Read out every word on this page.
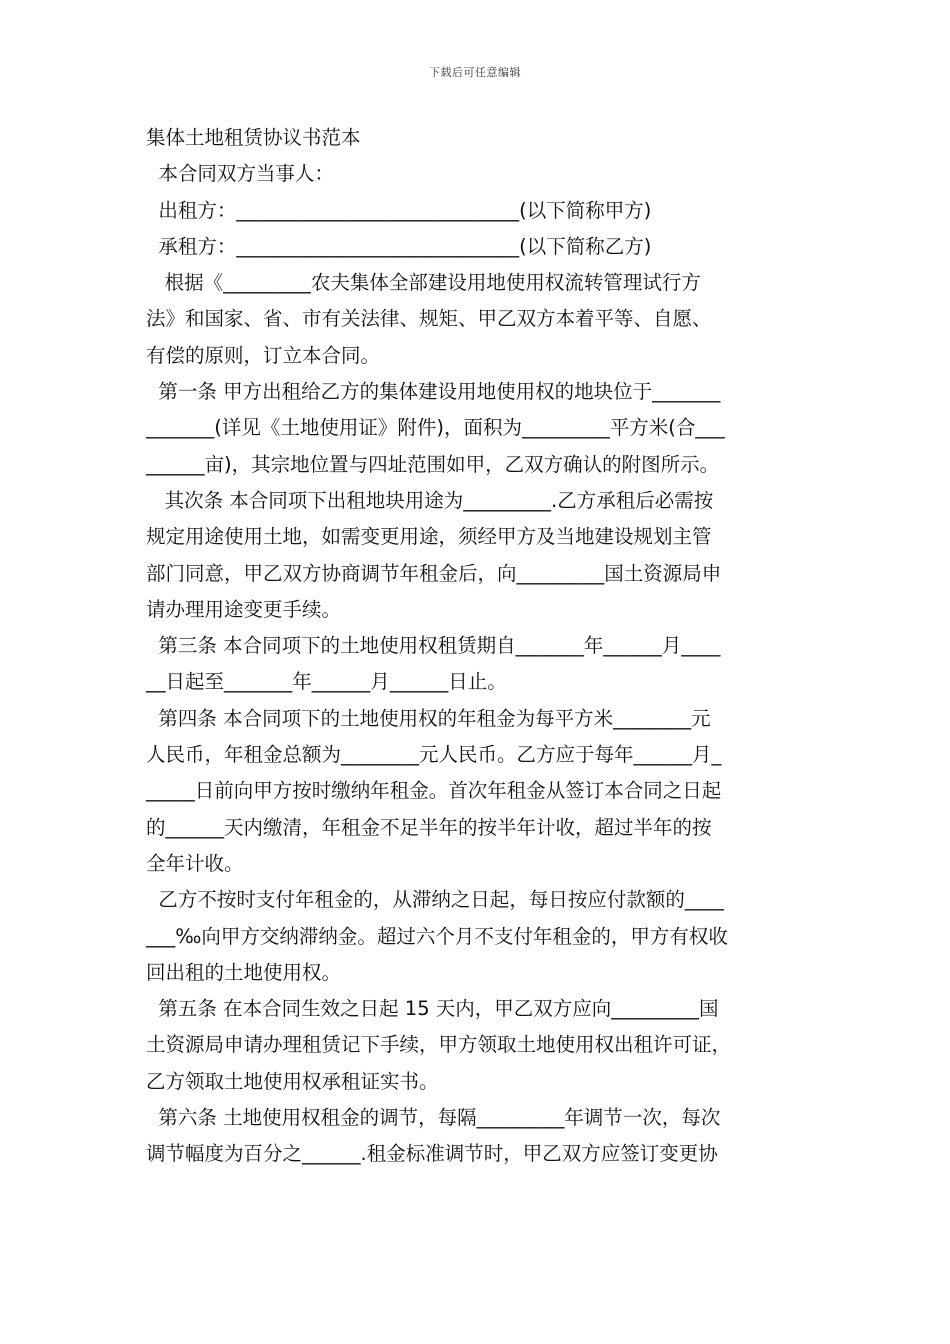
下载后可任意编辑
集体土地租赁协议书范本
本合同双方当事人：
出租方：_____________________________(以下简称甲方)
承租方：_____________________________(以下简称乙方)
根据《_________农夫集体全部建设用地使用权流转管理试行方
法》和国家、省、市有关法律、规矩、甲乙双方本着平等、自愿、
有偿的原则，订立本合同。
第一条 甲方出租给乙方的集体建设用地使用权的地块位于_______
_______(详见《土地使用证》附件)，面积为_________平方米(合___
______亩)，其宗地位置与四址范围如甲，乙双方确认的附图所示。
其次条 本合同项下出租地块用途为_________.乙方承租后必需按
规定用途使用土地，如需变更用途，须经甲方及当地建设规划主管
部门同意，甲乙双方协商调节年租金后，向_________国土资源局申
请办理用途变更手续。
第三条 本合同项下的土地使用权租赁期自_______年______月____
__日起至_______年______月______日止。
第四条 本合同项下的土地使用权的年租金为每平方米________元
人民币，年租金总额为________元人民币。乙方应于每年______月_
_____日前向甲方按时缴纳年租金。首次年租金从签订本合同之日起
的______天内缴清，年租金不足半年的按半年计收，超过半年的按
全年计收。
乙方不按时支付年租金的，从滞纳之日起，每日按应付款额的____
___‰向甲方交纳滞纳金。超过六个月不支付年租金的，甲方有权收
回出租的土地使用权。
第五条 在本合同生效之日起 15 天内，甲乙双方应向_________国
土资源局申请办理租赁记下手续，甲方领取土地使用权出租许可证，
乙方领取土地使用权承租证实书。
第六条 土地使用权租金的调节，每隔_________年调节一次，每次
调节幅度为百分之______.租金标准调节时，甲乙双方应签订变更协
